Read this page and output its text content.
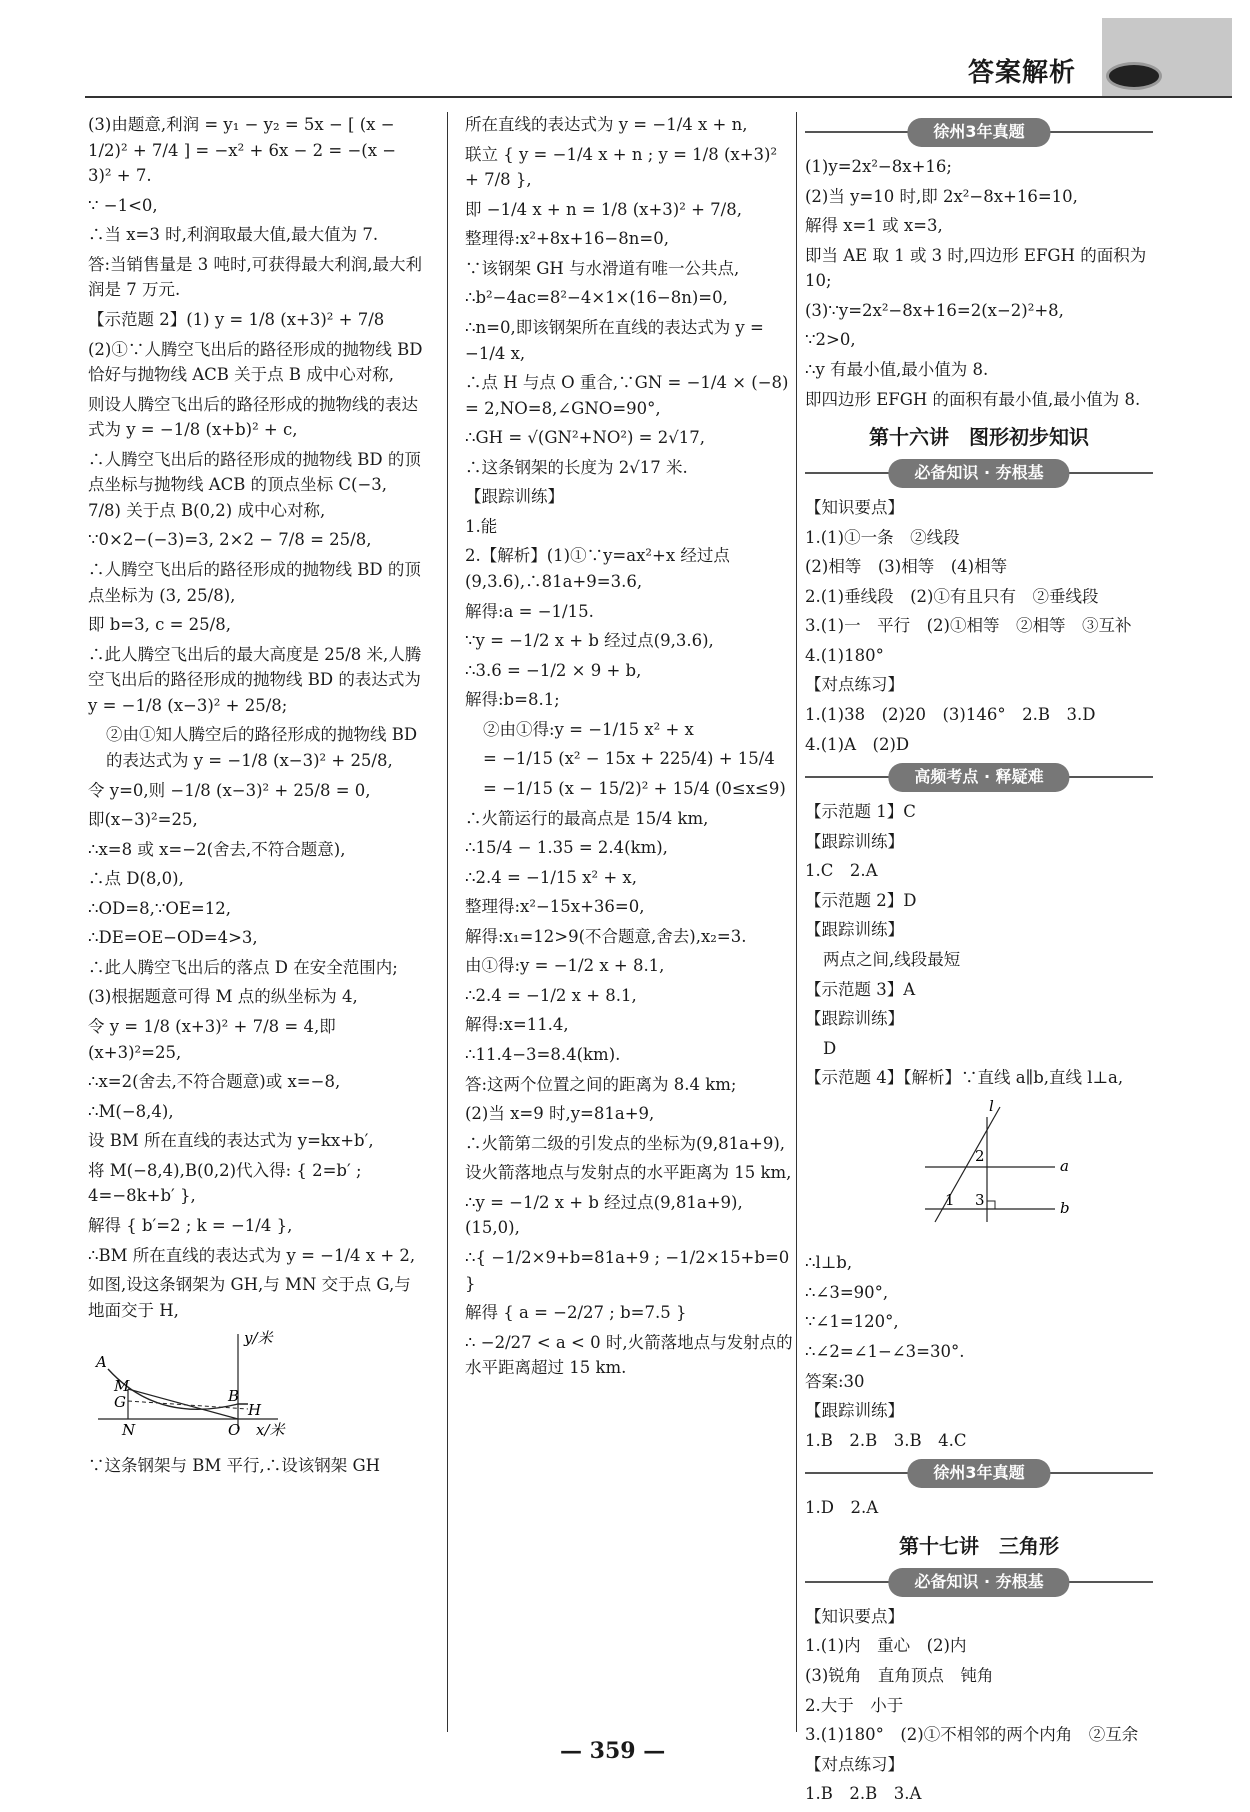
答案解析

(3)由题意,利润 = y₁ − y₂ = 5x − [ (x − 1/2)² + 7/4 ] = −x² + 6x − 2 = −(x − 3)² + 7.

∵ −1<0,

∴当 x=3 时,利润取最大值,最大值为 7.

答:当销售量是 3 吨时,可获得最大利润,最大利润是 7 万元.

【示范题 2】(1) y = 1/8 (x+3)² + 7/8

(2)①∵人腾空飞出后的路径形成的抛物线 BD 恰好与抛物线 ACB 关于点 B 成中心对称,

则设人腾空飞出后的路径形成的抛物线的表达式为 y = −1/8 (x+b)² + c,

∴人腾空飞出后的路径形成的抛物线 BD 的顶点坐标与抛物线 ACB 的顶点坐标 C(−3, 7/8) 关于点 B(0,2) 成中心对称,

∵0×2−(−3)=3, 2×2 − 7/8 = 25/8,

∴人腾空飞出后的路径形成的抛物线 BD 的顶点坐标为 (3, 25/8),

即 b=3, c = 25/8,

∴此人腾空飞出后的最大高度是 25/8 米,人腾空飞出后的路径形成的抛物线 BD 的表达式为 y = −1/8 (x−3)² + 25/8;

②由①知人腾空后的路径形成的抛物线 BD 的表达式为 y = −1/8 (x−3)² + 25/8,

令 y=0,则 −1/8 (x−3)² + 25/8 = 0,

即(x−3)²=25,

∴x=8 或 x=−2(舍去,不符合题意),

∴点 D(8,0),

∴OD=8,∵OE=12,

∴DE=OE−OD=4>3,

∴此人腾空飞出后的落点 D 在安全范围内;

(3)根据题意可得 M 点的纵坐标为 4,

令 y = 1/8 (x+3)² + 7/8 = 4,即(x+3)²=25,

∴x=2(舍去,不符合题意)或 x=−8,

∴M(−8,4),

设 BM 所在直线的表达式为 y=kx+b′,

将 M(−8,4),B(0,2)代入得: { 2=b′ ; 4=−8k+b′ },

解得 { b′=2 ; k = −1/4 },

∴BM 所在直线的表达式为 y = −1/4 x + 2,

如图,设这条钢架为 GH,与 MN 交于点 G,与地面交于 H,

A
M
G	B
H
N	O
y/米
x/米

∵这条钢架与 BM 平行,∴设该钢架 GH

所在直线的表达式为 y = −1/4 x + n,

联立 { y = −1/4 x + n ; y = 1/8 (x+3)² + 7/8 },

即 −1/4 x + n = 1/8 (x+3)² + 7/8,

整理得:x²+8x+16−8n=0,

∵该钢架 GH 与水滑道有唯一公共点,

∴b²−4ac=8²−4×1×(16−8n)=0,

∴n=0,即该钢架所在直线的表达式为 y = −1/4 x,

∴点 H 与点 O 重合,∵GN = −1/4 × (−8) = 2,NO=8,∠GNO=90°,

∴GH = √(GN²+NO²) = 2√17,

∴这条钢架的长度为 2√17 米.

【跟踪训练】

1.能

2.【解析】(1)①∵y=ax²+x 经过点(9,3.6),∴81a+9=3.6,

解得:a = −1/15.

∵y = −1/2 x + b 经过点(9,3.6),

∴3.6 = −1/2 × 9 + b,

解得:b=8.1;

②由①得:y = −1/15 x² + x

= −1/15 (x² − 15x + 225/4) + 15/4

= −1/15 (x − 15/2)² + 15/4 (0≤x≤9)

∴火箭运行的最高点是 15/4 km,

∴15/4 − 1.35 = 2.4(km),

∴2.4 = −1/15 x² + x,

整理得:x²−15x+36=0,

解得:x₁=12>9(不合题意,舍去),x₂=3.

由①得:y = −1/2 x + 8.1,

∴2.4 = −1/2 x + 8.1,

解得:x=11.4,

∴11.4−3=8.4(km).

答:这两个位置之间的距离为 8.4 km;

(2)当 x=9 时,y=81a+9,

∴火箭第二级的引发点的坐标为(9,81a+9),

设火箭落地点与发射点的水平距离为 15 km,

∴y = −1/2 x + b 经过点(9,81a+9),(15,0),

∴{ −1/2×9+b=81a+9 ; −1/2×15+b=0 }

解得 { a = −2/27 ; b=7.5 }

∴ −2/27 < a < 0 时,火箭落地点与发射点的水平距离超过 15 km.

徐州3年真题

(1)y=2x²−8x+16;

(2)当 y=10 时,即 2x²−8x+16=10,

解得 x=1 或 x=3,

即当 AE 取 1 或 3 时,四边形 EFGH 的面积为 10;

(3)∵y=2x²−8x+16=2(x−2)²+8,

∵2>0,

∴y 有最小值,最小值为 8.

即四边形 EFGH 的面积有最小值,最小值为 8.

第十六讲　图形初步知识
必备知识 · 夯根基

【知识要点】

1.(1)①一条　②线段

(2)相等　(3)相等　(4)相等

2.(1)垂线段　(2)①有且只有　②垂线段

3.(1)一　平行　(2)①相等　②相等　③互补

4.(1)180°

【对点练习】

1.(1)38　(2)20　(3)146°　2.B　3.D

4.(1)A　(2)D

高频考点 · 释疑难

【示范题 1】C

【跟踪训练】

1.C　2.A

【示范题 2】D

【跟踪训练】

两点之间,线段最短

【示范题 3】A

【跟踪训练】

D

【示范题 4】【解析】∵直线 a∥b,直线 l⊥a,

l
a
b
1
2
3

∴l⊥b,

∴∠3=90°,

∵∠1=120°,

∴∠2=∠1−∠3=30°.

答案:30

【跟踪训练】

1.B　2.B　3.B　4.C

徐州3年真题

1.D　2.A

第十七讲　三角形
必备知识 · 夯根基

【知识要点】

1.(1)内　重心　(2)内

(3)锐角　直角顶点　钝角

2.大于　小于

3.(1)180°　(2)①不相邻的两个内角　②互余

【对点练习】

1.B　2.B　3.A

— 359 —
